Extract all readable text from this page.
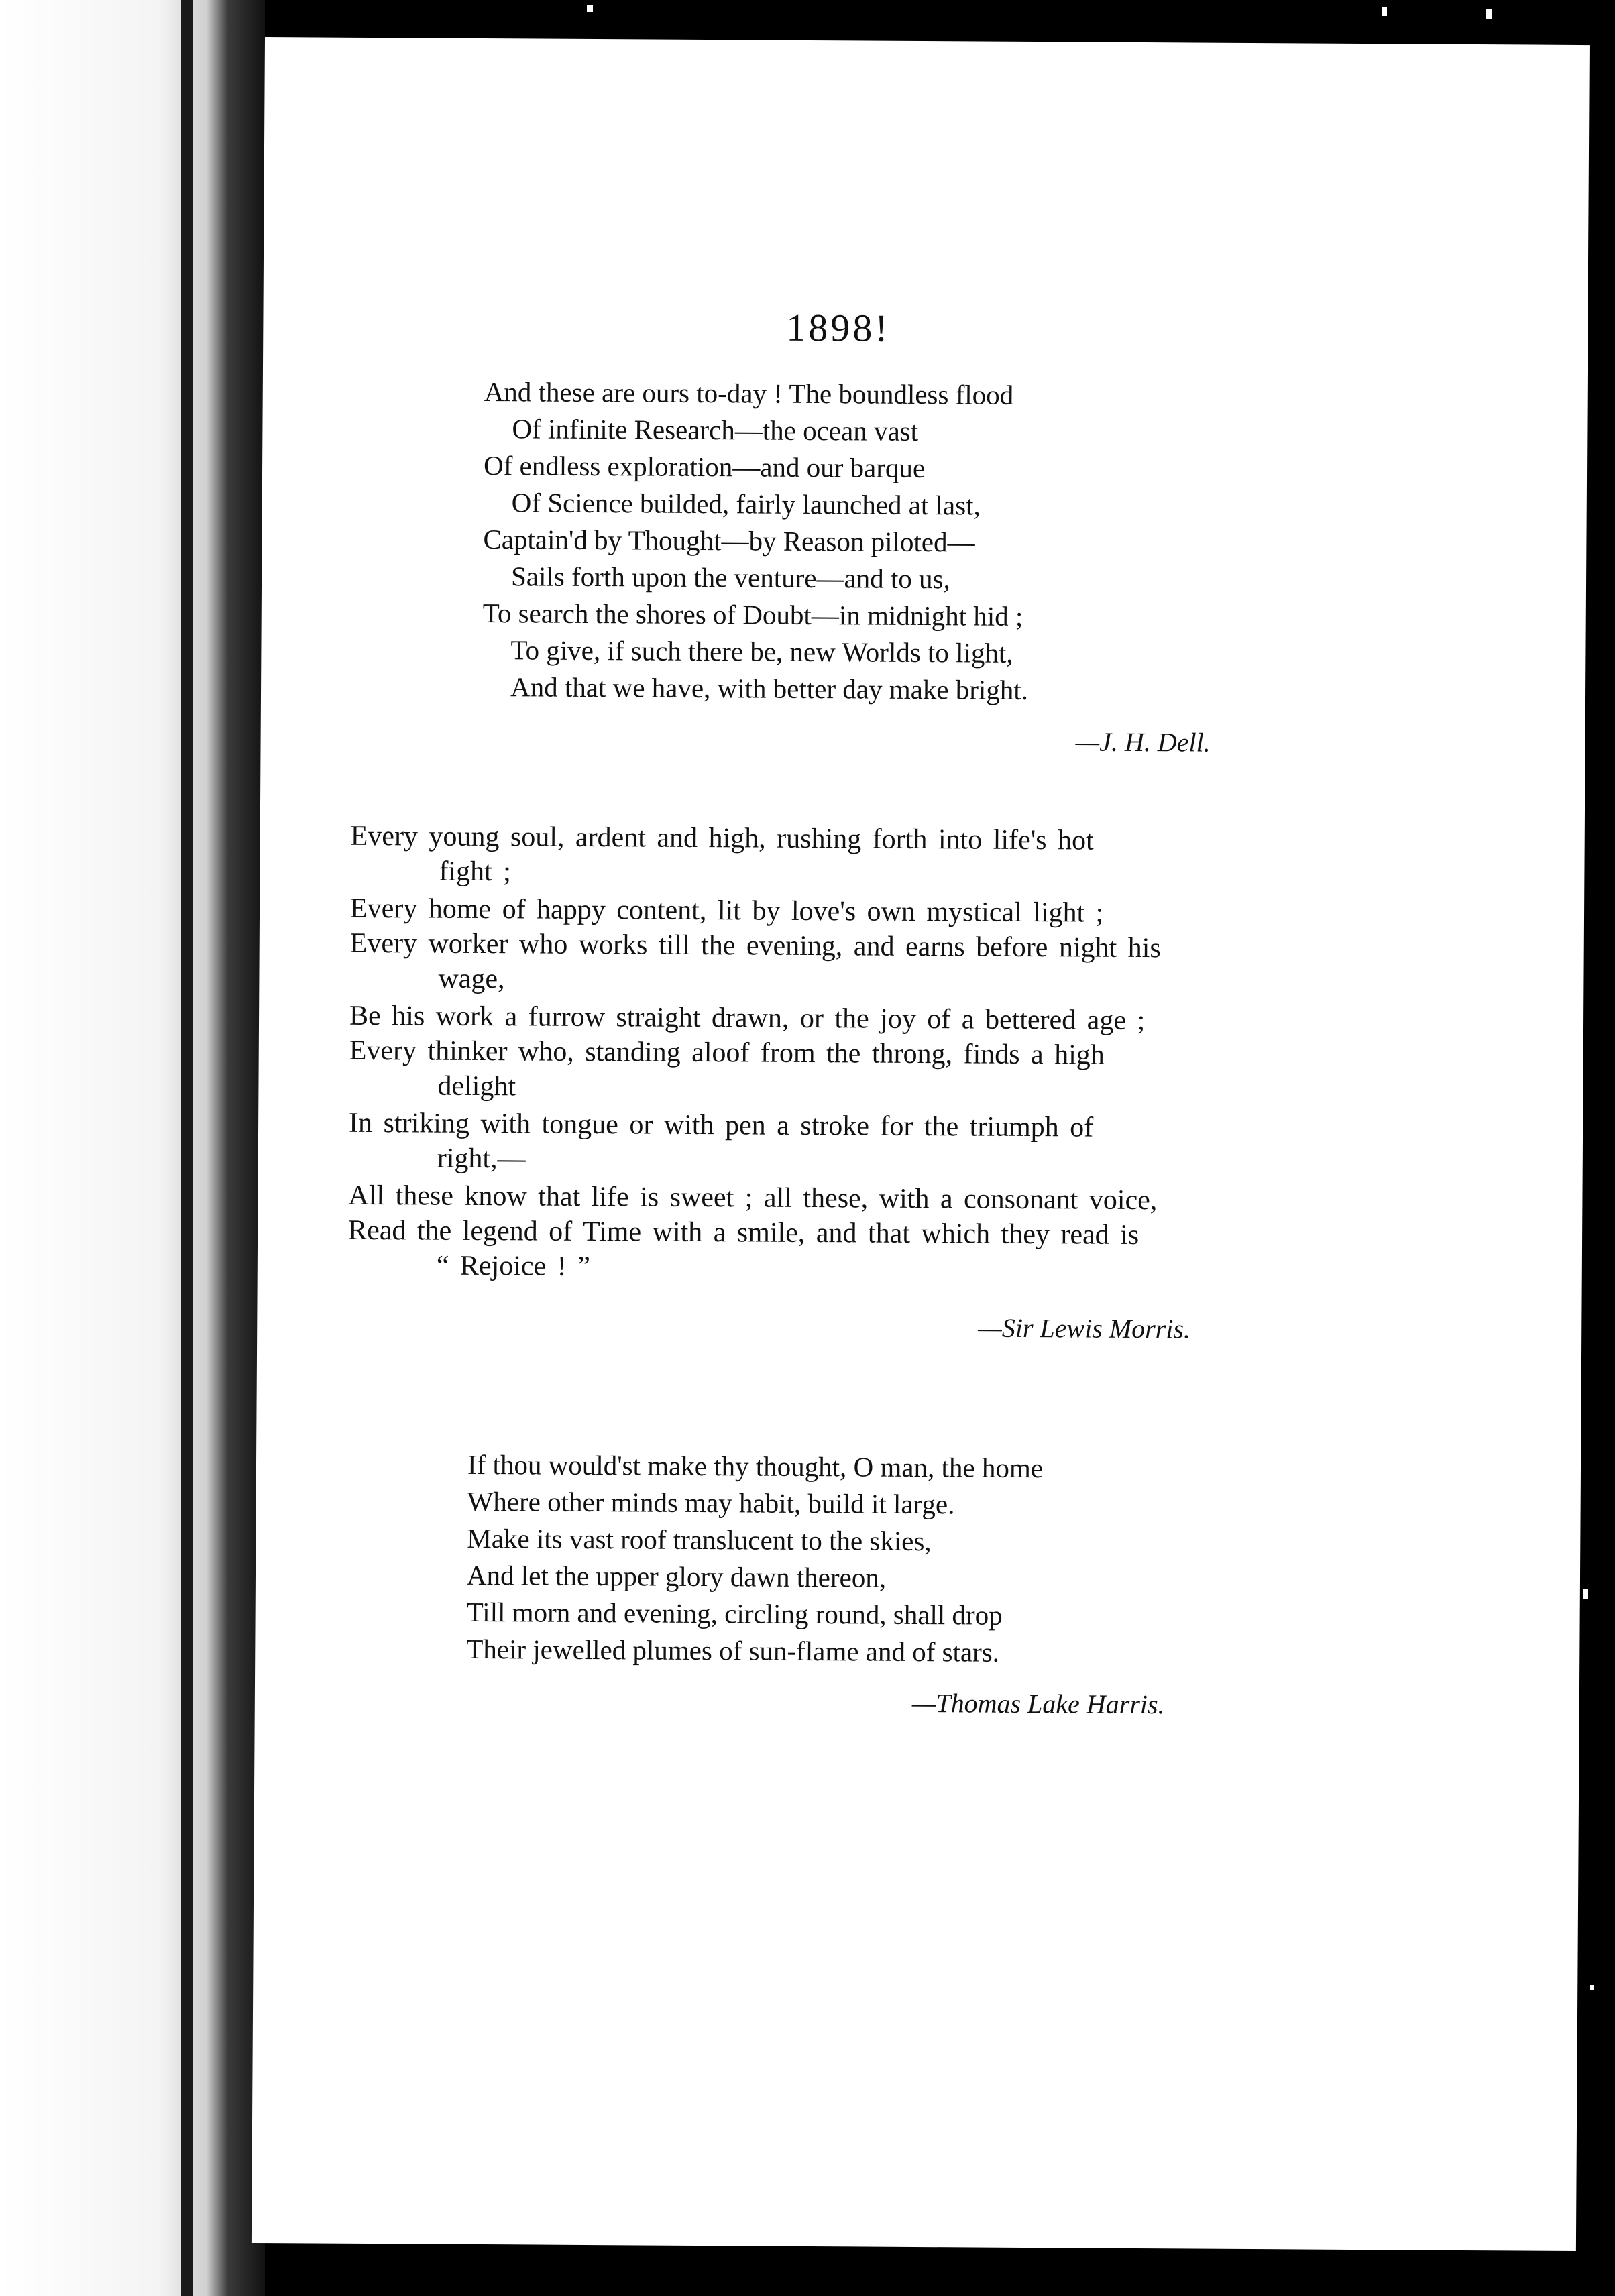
1898!
And these are ours to-day ! The boundless flood
Of infinite Research—the ocean vast
Of endless exploration—and our barque
Of Science builded, fairly launched at last,
Captain'd by Thought—by Reason piloted—
Sails forth upon the venture—and to us,
To search the shores of Doubt—in midnight hid ;
To give, if such there be, new Worlds to light,
And that we have, with better day make bright.

—J. H. Dell.

Every young soul, ardent and high, rushing forth into life's hot
fight ;
Every home of happy content, lit by love's own mystical light ;
Every worker who works till the evening, and earns before night his
wage,
Be his work a furrow straight drawn, or the joy of a bettered age ;
Every thinker who, standing aloof from the throng, finds a high
delight
In striking with tongue or with pen a stroke for the triumph of
right,—
All these know that life is sweet ; all these, with a consonant voice,
Read the legend of Time with a smile, and that which they read is
“ Rejoice ! ”

—Sir Lewis Morris.

If thou would'st make thy thought, O man, the home
Where other minds may habit, build it large.
Make its vast roof translucent to the skies,
And let the upper glory dawn thereon,
Till morn and evening, circling round, shall drop
Their jewelled plumes of sun-flame and of stars.

—Thomas Lake Harris.
